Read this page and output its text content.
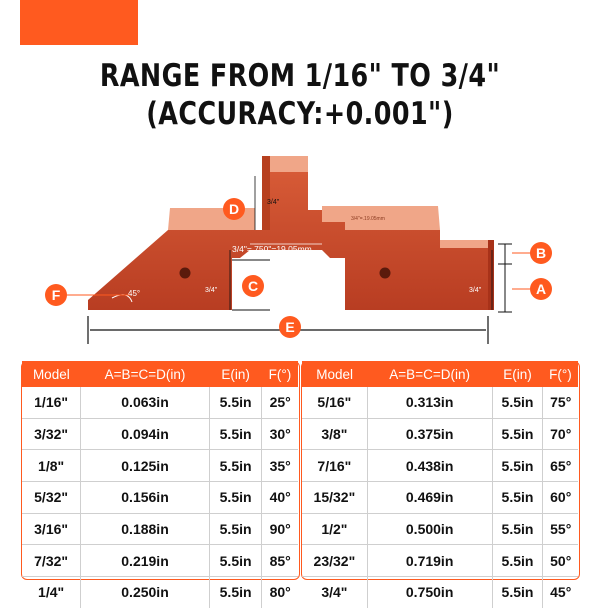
RANGE FROM 1/16" TO 3/4"
(ACCURACY:+0.001")
45°
3/4"
3/4"	3/4"
3/4"=.750"=19.05mm
3/4"=.19.05mm
D
C
B
A
F
E
Model	A=B=C=D(in)	E(in)	F(°)
1/16"	0.063in	5.5in	25°
3/32"	0.094in	5.5in	30°
1/8"	0.125in	5.5in	35°
5/32"	0.156in	5.5in	40°
3/16"	0.188in	5.5in	90°
7/32"	0.219in	5.5in	85°
1/4"	0.250in	5.5in	80°
Model	A=B=C=D(in)	E(in)	F(°)
5/16"	0.313in	5.5in	75°
3/8"	0.375in	5.5in	70°
7/16"	0.438in	5.5in	65°
15/32"	0.469in	5.5in	60°
1/2"	0.500in	5.5in	55°
23/32"	0.719in	5.5in	50°
3/4"	0.750in	5.5in	45°
